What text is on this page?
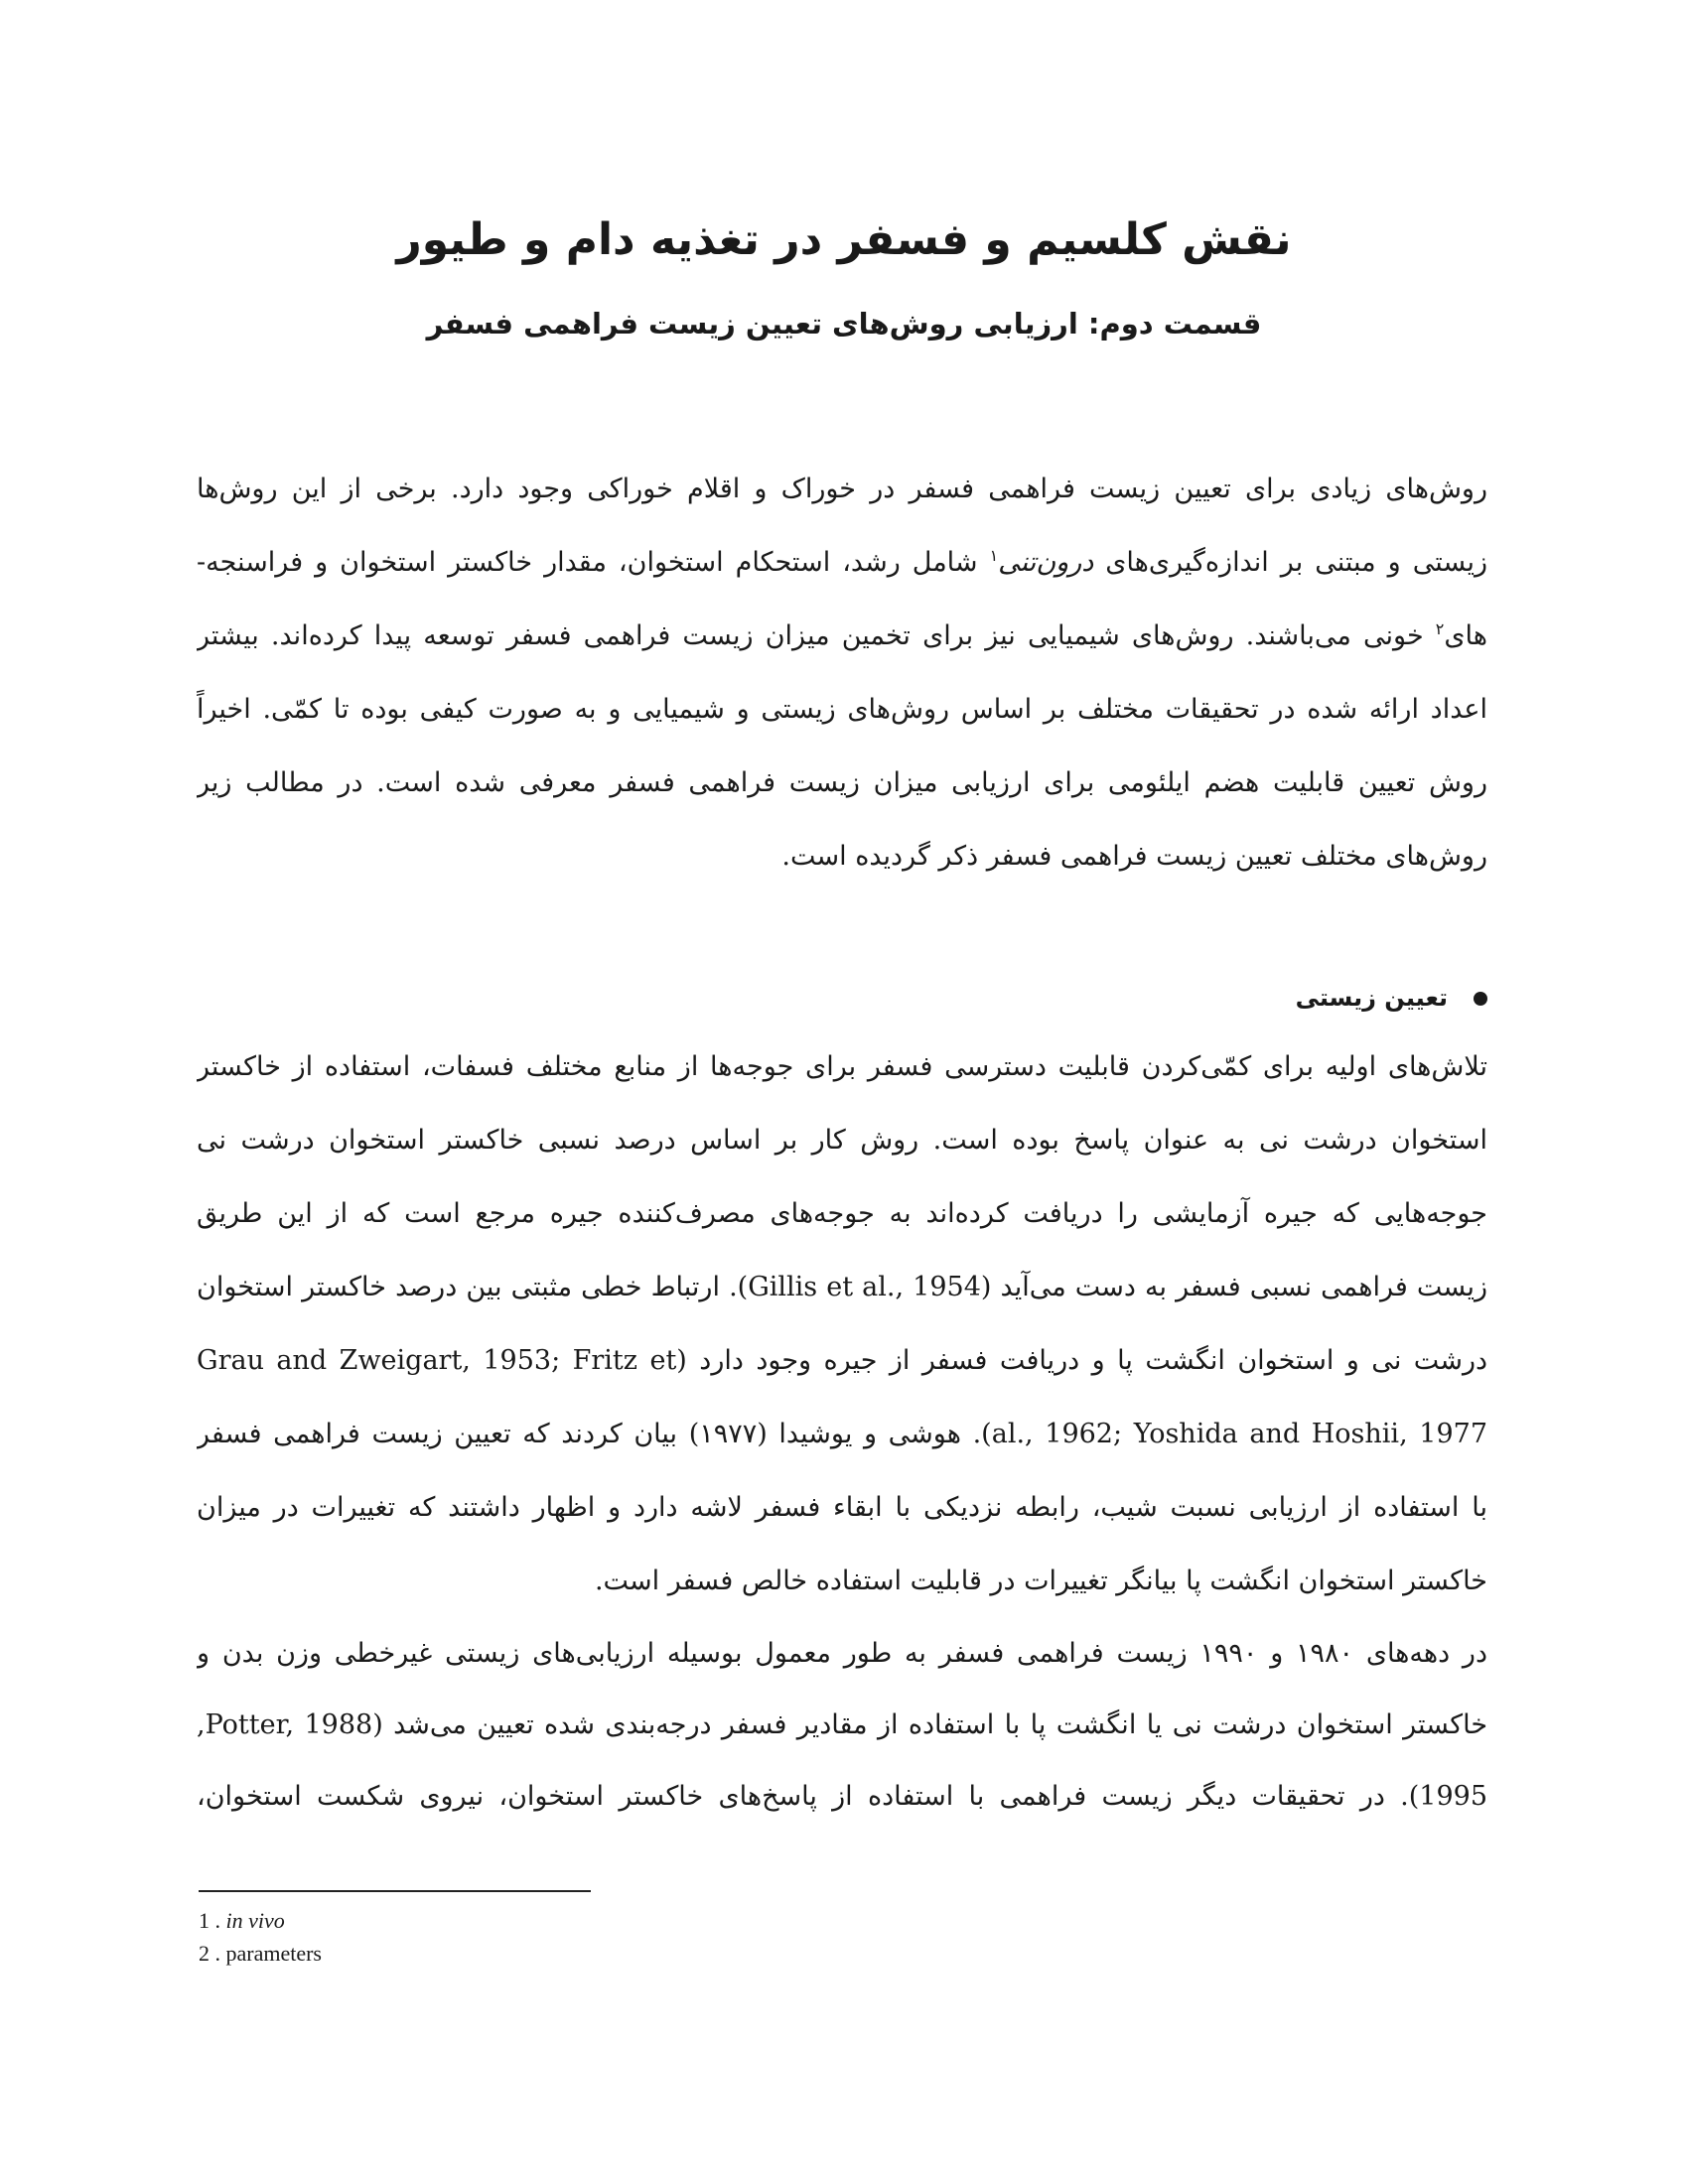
نقش کلسیم و فسفر در تغذیه دام و طیور
قسمت دوم: ارزیابی روش‌های تعیین زیست فراهمی فسفر
روش‌های زیادی برای تعیین زیست فراهمی فسفر در خوراک و اقلام خوراکی وجود دارد. برخی از این روش‌ها
زیستی و مبتنی بر اندازه‌گیری‌های درون‌تنی$^۱$ شامل رشد، استحکام استخوان، مقدار خاکستر استخوان و فراسنجه-
های$^۲$ خونی می‌باشند. روش‌های شیمیایی نیز برای تخمین میزان زیست فراهمی فسفر توسعه پیدا کرده‌اند. بیشتر
اعداد ارائه شده در تحقیقات مختلف بر اساس روش‌های زیستی و شیمیایی و به صورت کیفی بوده تا کمّی. اخیراً
روش تعیین قابلیت هضم ایلئومی برای ارزیابی میزان زیست فراهمی فسفر معرفی شده است. در مطالب زیر
روش‌های مختلف تعیین زیست فراهمی فسفر ذکر گردیده است.
تعیین زیستی
تلاش‌های اولیه برای کمّی‌کردن قابلیت دسترسی فسفر برای جوجه‌ها از منابع مختلف فسفات، استفاده از خاکستر
استخوان درشت نی به عنوان پاسخ بوده است. روش کار بر اساس درصد نسبی خاکستر استخوان درشت نی
جوجه‌هایی که جیره آزمایشی را دریافت کرده‌اند به جوجه‌های مصرف‌کننده جیره مرجع است که از این طریق
زیست فراهمی نسبی فسفر به دست می‌آید (Gillis et al., 1954). ارتباط خطی مثبتی بین درصد خاکستر استخوان
درشت نی و استخوان انگشت پا و دریافت فسفر از جیره وجود دارد (Grau and Zweigart, 1953; Fritz et
al., 1962; Yoshida and Hoshii, 1977). هوشی و یوشیدا (۱۹۷۷) بیان کردند که تعیین زیست فراهمی فسفر
با استفاده از ارزیابی نسبت شیب، رابطه نزدیکی با ابقاء فسفر لاشه دارد و اظهار داشتند که تغییرات در میزان
خاکستر استخوان انگشت پا بیانگر تغییرات در قابلیت استفاده خالص فسفر است.
در دهه‌های ۱۹۸۰ و ۱۹۹۰ زیست فراهمی فسفر به طور معمول بوسیله ارزیابی‌های زیستی غیرخطی وزن بدن و
خاکستر استخوان درشت نی یا انگشت پا با استفاده از مقادیر فسفر درجه‌بندی شده تعیین می‌شد (Potter, 1988,
1995). در تحقیقات دیگر زیست فراهمی با استفاده از پاسخ‌های خاکستر استخوان، نیروی شکست استخوان،
1 . in vivo
2 . parameters
